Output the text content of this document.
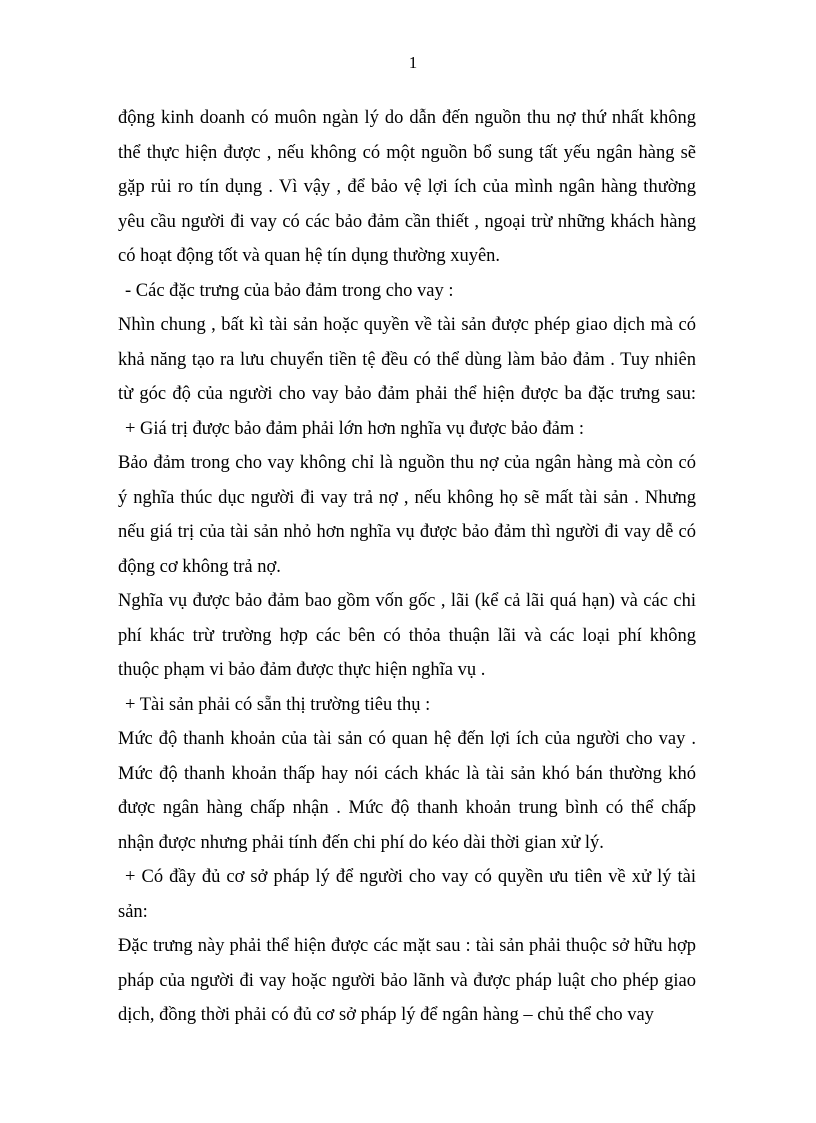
1
động kinh doanh có muôn ngàn lý do dẫn đến nguồn thu nợ thứ nhất không
thể thực hiện được , nếu không có một nguồn bổ sung tất yếu ngân hàng sẽ
gặp rủi ro tín dụng . Vì vậy , để bảo vệ lợi ích của mình ngân hàng thường
yêu cầu người đi vay có các bảo đảm cần thiết , ngoại trừ những khách hàng
có hoạt động tốt và quan hệ tín dụng thường xuyên.
- Các đặc trưng của bảo đảm trong cho vay :
Nhìn chung , bất kì tài sản hoặc quyền về tài sản được phép giao dịch mà có
khả năng tạo ra lưu chuyển tiền tệ đều có thể dùng làm bảo đảm . Tuy nhiên
từ góc độ của người cho vay bảo đảm phải thể hiện được ba đặc trưng sau:
+ Giá trị được bảo đảm phải lớn hơn nghĩa vụ được bảo đảm :
Bảo đảm trong cho vay không chỉ là nguồn thu nợ của ngân hàng mà còn có
ý nghĩa thúc dục người đi vay trả nợ , nếu không họ sẽ mất tài sản . Nhưng
nếu giá trị của tài sản nhỏ hơn nghĩa vụ được bảo đảm thì người đi vay dễ có
động cơ không trả nợ.
Nghĩa vụ được bảo đảm bao gồm vốn gốc , lãi (kể cả lãi quá hạn) và các chi
phí khác trừ trường hợp các bên có thỏa thuận lãi và các loại phí không
thuộc phạm vi bảo đảm được thực hiện nghĩa vụ .
+ Tài sản phải có sẵn thị trường tiêu thụ :
Mức độ thanh khoản của tài sản có quan hệ đến lợi ích của người cho vay .
Mức độ thanh khoản thấp hay nói cách khác là tài sản khó bán thường khó
được ngân hàng chấp nhận . Mức độ thanh khoản trung bình có thể chấp
nhận được nhưng phải tính đến chi phí do kéo dài thời gian xử lý.
+ Có đầy đủ cơ sở pháp lý để người cho vay có quyền ưu tiên về xử lý tài
sản:
Đặc trưng này phải thể hiện được các mặt sau : tài sản phải thuộc sở hữu hợp
pháp của người đi vay hoặc người bảo lãnh và được pháp luật cho phép giao
dịch, đồng thời phải có đủ cơ sở pháp lý để ngân hàng – chủ thể cho vay
